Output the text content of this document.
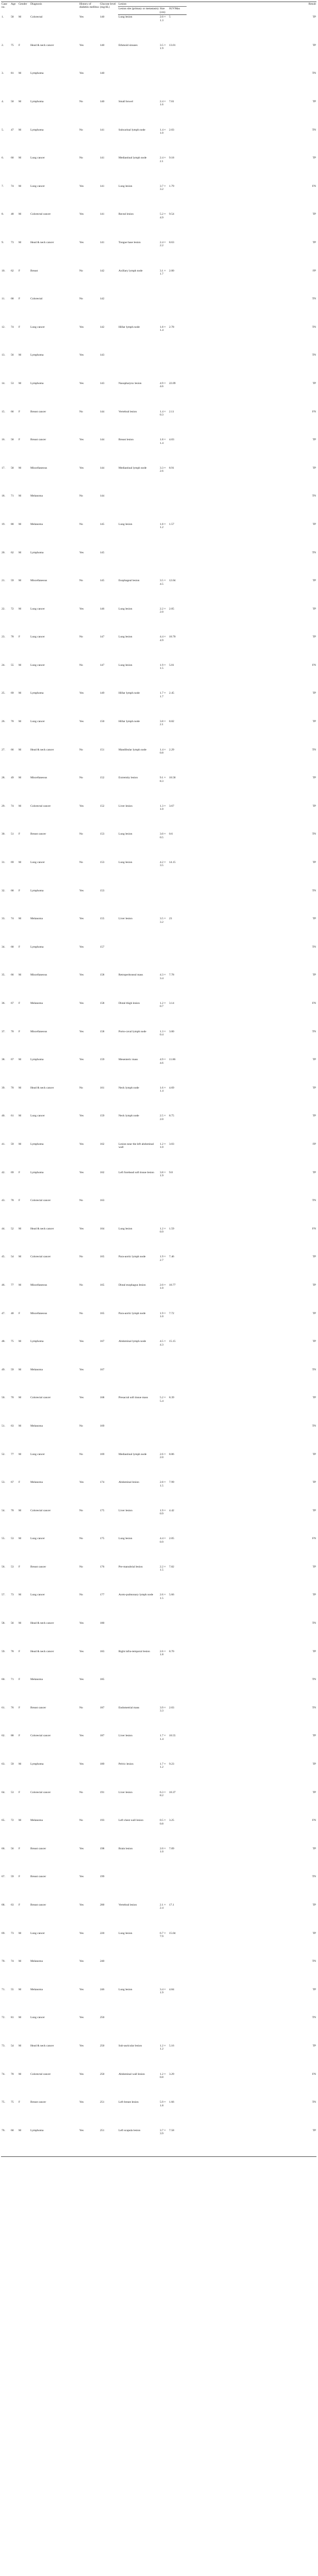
Case no.	Age	Gender	Diagnosis	History of diabetes mellitus	Glucose level (mg/dL)	Lesion			Result
						Lesion site (primary or metastasis)	Size (cm)	SUVMax	
1.	58	M	Colorectal	Yes	140	Lung lesion	2.0 × 1.3	5	TP
2.	75	F	Head & neck cancer	Yes	140	Ethmoid sinuses	3.5 × 1.9	13.01	TP
3.	81	M	Lymphoma	Yes	140				TN
4.	50	M	Lymphoma	No	140	Small bowel	2.4 × 1.6	7.01	TP
5.	47	M	Lymphoma	No	141	Subcarinal lymph node	1.4 × 1.0	2.03	TN
6.	60	M	Lung cancer	No	141	Mediastinal lymph node	2.4 × 2.1	9.18	TP
7.	74	M	Lung cancer	Yes	141	Lung lesion	3.7 × 3.2	1.79	FN
8.	48	M	Colorectal cancer	Yes	141	Rectal lesion	5.2 × 4.9	9.54	TP
9.	73	M	Head & neck cancer	Yes	141	Tongue base lesion	2.4 × 2.2	8.63	TP
10.	62	F	Breast	No	142	Axillary lymph node	3.1 × 1.7	2.00	FP
11.	68	F	Colorectal	No	142				TN
12.	74	F	Lung cancer	Yes	142	Hillar lymph node	1.8 × 1.4	2.78	TN
13.	56	M	Lymphoma	Yes	143				TN
14.	53	M	Lymphoma	Yes	143	Nasopharynx lesion	4.9 × 4.6	22.09	TP
15.	66	F	Breast cancer	No	144	Vertebral lesion	1.4 × 0.3	2.11	FN
16.	58	F	Breast cancer	Yes	144	Breast lesion	1.8 × 1.4	4.03	TP
17.	58	M	Miscellaneous	Yes	144	Mediastinal lymph node	3.3 × 2.6	8.91	TP
18.	71	M	Melanoma	No	144				TN
19.	80	M	Melanoma	No	145	Lung lesion	1.8 × 1.2	1.57	TP
20.	62	M	Lymphoma	Yes	145				TN
21.	59	M	Miscellaneous	No	145	Esophageal lesion	3.5 × 4.5	12.04	TP
22.	72	M	Lung cancer	Yes	146	Lung lesion	2.2 × 2.0	2.05	TP
23.	78	F	Lung cancer	No	147	Lung lesion	4.4 × 4.9	10.70	TP
24.	55	M	Lung cancer	No	147	Lung lesion	1.9 × 1.5	5.01	FN
25.	69	M	Lymphoma	Yes	149	Hillar lymph node	1.7 × 1.7	2.45	TP
26.	70	M	Lung cancer	Yes	150	Hillar lymph node	3.8 × 2.1	8.82	TP
27.	66	M	Head & neck cancer	No	151	Mandibular lymph node	1.4 × 0.8	2.29	TN
28.	49	M	Miscellaneous	No	152	Extremity lesion	9.1 × 8.3	10.58	TP
29.	74	M	Colorectal cancer	Yes	152	Liver lesion	1.3 × 1.0	3.67	TP
30.	51	F	Breast cancer	No	153	Lung lesion	3.0 × 0.5	0.6	TN
31.	69	M	Lung cancer	No	153	Lung lesion	4.2 × 3.5	14.15	TP
32.	68	F	Lymphoma	Yes	153				TN
33.	74	M	Melanoma	Yes	155	Liver lesion	3.5 × 3.2	23	TP
34.	68	F	Lymphoma	Yes	157				TN
35.	66	M	Miscellaneous	Yes	158	Retroperitoneal mass	4.3 × 3.4	7.78	TP
36.	67	F	Melanoma	Yes	158	Distal thigh lesion	1.2 × 0.7	3.14	FN
37.	70	F	Miscellaneous	Yes	158	Porto-caval lymph node	1.3 × 0.4	3.00	TN
38.	67	M	Lymphoma	Yes	159	Mesenteric mass	4.9 × 4.6	11.86	TP
39.	70	M	Head & neck cancer	No	161	Neck lymph node	1.6 × 1.4	4.69	TP
40.	61	M	Lung cancer	Yes	159	Neck lymph node	2.5 × 2.0	8.75	TP
41.	59	M	Lymphoma	Yes	162	Lesion near the left abdominal wall	1.2 × 1.0	3.03	FP
42.	69	F	Lymphoma	Yes	162	Left forehead soft tissue lesion	3.8 × 1.9	9.8	TP
43.	78	F	Colorectal cancer	No	163				TN
44.	52	M	Head & neck cancer	Yes	164	Lung lesion	1.2 × 0.9	1.59	FN
45.	54	M	Colorectal cancer	No	165	Para-aortic lymph node	1.9 × 2.7	7.46	TP
46.	77	M	Miscellaneous	No	165	Distal esophagus lesion	2.0 × 1.0	10.77	TP
47.	40	F	Miscellaneous	No	165	Para-aortic lymph node	1.9 × 1.0	7.72	TP
48.	75	M	Lymphoma	Yes	167	Abdominal lymph node	4.5 × 4.3	15.15	TP
49.	59	M	Melanoma	Yes	167				TN
50.	70	M	Colorectal cancer	Yes	168	Presacral soft tissue mass	5.2 × 5.4	8.39	TP
51.	63	M	Melanoma	No	169				TN
52.	77	M	Lung cancer	No	169	Mediastinal lymph node	2.6 × 2.0	8.86	TP
53.	67	F	Melanoma	Yes	174	Abdominal lesion	2.8 × 1.5	7.99	TP
54.	70	M	Colorectal cancer	No	175	Liver lesion	1.9 × 0.9	4.42	TP
55.	53	M	Lung cancer	No	175	Lung lesion	4.4 × 0.9	2.05	FN
56.	53	F	Breast cancer	No	176	Pre-manubrial lesion	2.2 × 1.5	7.82	TP
57.	73	M	Lung cancer	No	177	Aorto-pulmonary lymph node	2.6 × 1.5	5.66	TP
58.	56	M	Head & neck cancer	Yes	180				TN
59.	78	F	Head & neck cancer	Yes	183	Right infra-temporal lesion	2.6 × 1.8	8.70	TP
60.	71	F	Melanoma	Yes	185				TN
61.	76	F	Breast cancer	No	187	Endometrial mass	3.9 × 3.3	2.03	TN
62.	88	F	Colorectal cancer	Yes	187	Liver lesion	1.7 × 1.4	10.55	TP
63.	59	M	Lymphoma	Yes	189	Pelvic lesion	1.7 × 1.2	9.23	TP
64.	53	F	Colorectal cancer	No	191	Liver lesion	6.3 × 8.2	10.37	TP
65.	72	M	Melanoma	No	193	Left chest wall lesion	0.5 × 0.8	3.25	FN
66.	56	F	Breast cancer	Yes	198	Brain lesion	2.0 × 1.0	7.09	TP
67.	59	F	Breast cancer	Yes	199				TN
68.	63	F	Breast cancer	Yes	200	Vertebral lesion	2.1 × 2.4	17.1	TP
69.	73	M	Lung cancer	Yes	220	Lung lesion	6.7 × 7.9	15.04	TP
70.	74	M	Melanoma	Yes	240				TN
71.	55	M	Melanoma	Yes	246	Lung lesion	3.4 × 1.9	4.84	TP
72.	81	M	Lung cancer	Yes	250				TN
73.	54	M	Head & neck cancer	Yes	250	Sub-auricular lesion	1.2 × 1.2	5.16	TP
74.	70	M	Colorectal cancer	Yes	250	Abdominal wall lesion	1.2 × 0.8	3.29	FN
75.	75	F	Breast cancer	Yes	251	Left breast lesion	5.9 × 1.8	1.66	TN
76.	60	M	Lymphoma	Yes	251	Left scapula lesion	3.7 × 3.9	7.58	TP
